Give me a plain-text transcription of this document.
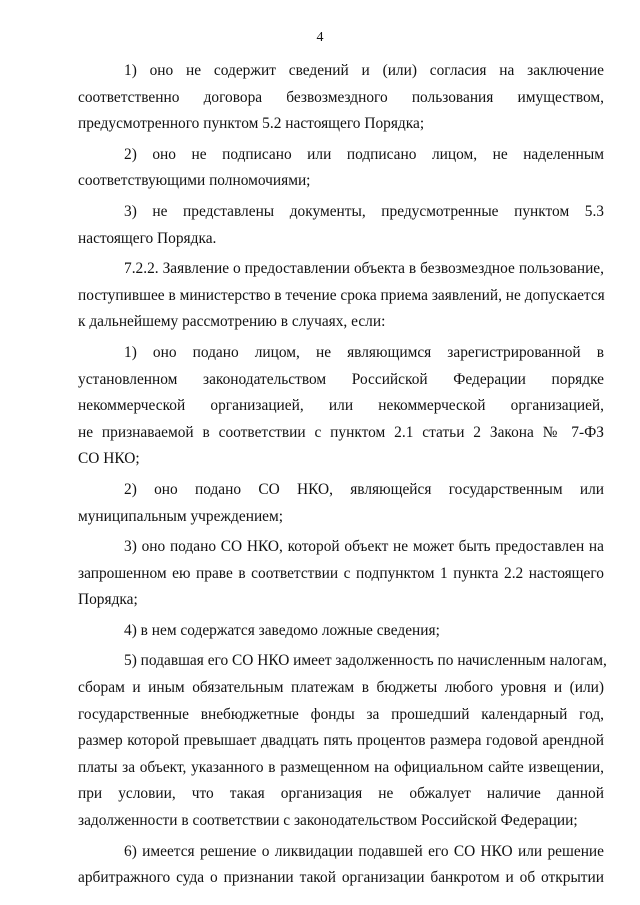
4
1) оно не содержит сведений и (или) согласия на заключение
соответственно договора безвозмездного пользования имуществом,
предусмотренного пунктом 5.2 настоящего Порядка;
2) оно не подписано или подписано лицом, не наделенным
соответствующими полномочиями;
3) не представлены документы, предусмотренные пунктом 5.3
настоящего Порядка.
7.2.2. Заявление о предоставлении объекта в безвозмездное пользование,
поступившее в министерство в течение срока приема заявлений, не допускается
к дальнейшему рассмотрению в случаях, если:
1) оно подано лицом, не являющимся зарегистрированной в
установленном законодательством Российской Федерации порядке
некоммерческой организацией, или некоммерческой организацией,
не признаваемой в соответствии с пунктом 2.1 статьи 2 Закона № 7-ФЗ
СО НКО;
2) оно подано СО НКО, являющейся государственным или
муниципальным учреждением;
3) оно подано СО НКО, которой объект не может быть предоставлен на
запрошенном ею праве в соответствии с подпунктом 1 пункта 2.2 настоящего
Порядка;
4) в нем содержатся заведомо ложные сведения;
5) подавшая его СО НКО имеет задолженность по начисленным налогам,
сборам и иным обязательным платежам в бюджеты любого уровня и (или)
государственные внебюджетные фонды за прошедший календарный год,
размер которой превышает двадцать пять процентов размера годовой арендной
платы за объект, указанного в размещенном на официальном сайте извещении,
при условии, что такая организация не обжалует наличие данной
задолженности в соответствии с законодательством Российской Федерации;
6) имеется решение о ликвидации подавшей его СО НКО или решение
арбитражного суда о признании такой организации банкротом и об открытии
